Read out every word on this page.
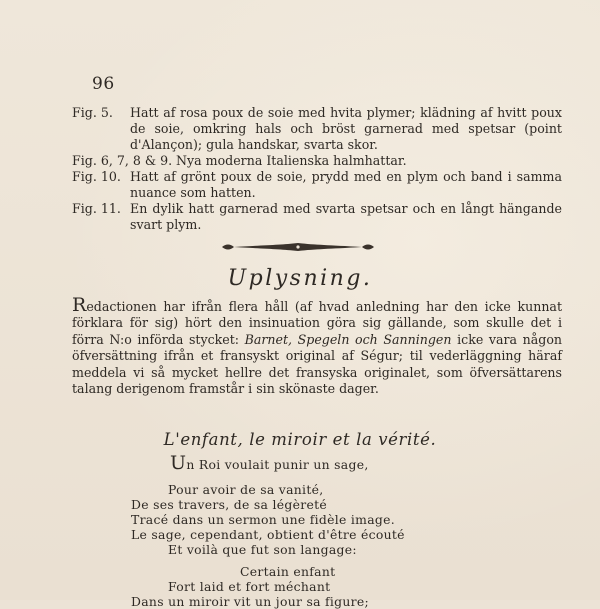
96
Fig. 5.	Hatt af rosa poux de soie med hvita plymer; klädning af hvitt poux de soie, omkring hals och bröst garnerad med spetsar (point d'Alançon); gula handskar, svarta skor.
Fig. 6, 7, 8 & 9. Nya moderna Italienska halmhattar.
Fig. 10. Hatt af grönt poux de soie, prydd med en plym och band i samma nuance som hatten.
Fig. 11. En dylik hatt garnerad med svarta spetsar och en långt hängande svart plym.
Uplysning.
Redactionen har ifrån flera håll (af hvad anledning har den icke kunnat förklara för sig) hört den insinuation göra sig gällande, som skulle det i förra N:o införda stycket: Barnet, Spegeln och Sanningen icke vara någon öfversättning ifrån et fransyskt original af Ségur; til vederläggning häraf meddela vi så mycket hellre det fransyska originalet, som öfversättarens talang derigenom framstår i sin skönaste dager.
L'enfant, le miroir et la vérité.
Un Roi voulait punir un sage,
Pour avoir de sa vanité,
De ses travers, de sa légèreté
Tracé dans un sermon une fidèle image.
Le sage, cependant, obtient d'être écouté
Et voilà que fut son langage:
Certain enfant
Fort laid et fort méchant
Dans un miroir vit un jour sa figure;
